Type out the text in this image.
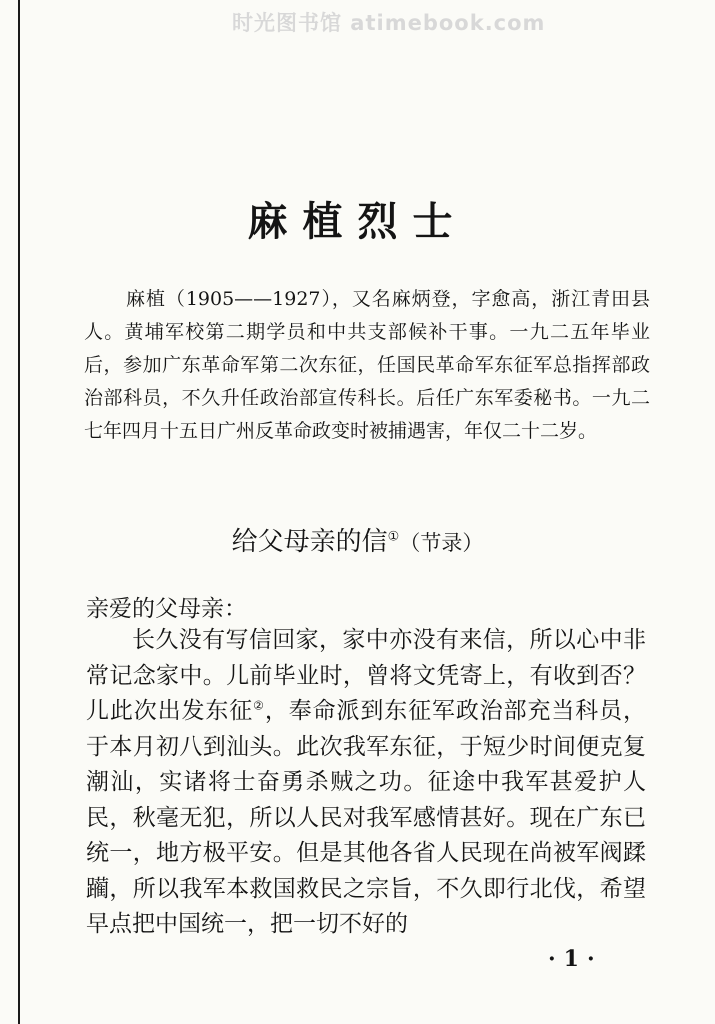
时光图书馆 atimebook.com
麻植烈士

麻植（1905——1927），又名麻炳登，字愈高，浙江青田县人。黄埔军校第二期学员和中共支部候补干事。一九二五年毕业后，参加广东革命军第二次东征，任国民革命军东征军总指挥部政治部科员，不久升任政治部宣传科长。后任广东军委秘书。一九二七年四月十五日广州反革命政变时被捕遇害，年仅二十二岁。

给父母亲的信①（节录）

亲爱的父母亲：

长久没有写信回家，家中亦没有来信，所以心中非常记念家中。儿前毕业时，曾将文凭寄上，有收到否？儿此次出发东征②，奉命派到东征军政治部充当科员，于本月初八到汕头。此次我军东征，于短少时间便克复潮汕，实诸将士奋勇杀贼之功。征途中我军甚爱护人民，秋毫无犯，所以人民对我军感情甚好。现在广东已统一，地方极平安。但是其他各省人民现在尚被军阀蹂躏，所以我军本救国救民之宗旨，不久即行北伐，希望早点把中国统一，把一切不好的

·1·
